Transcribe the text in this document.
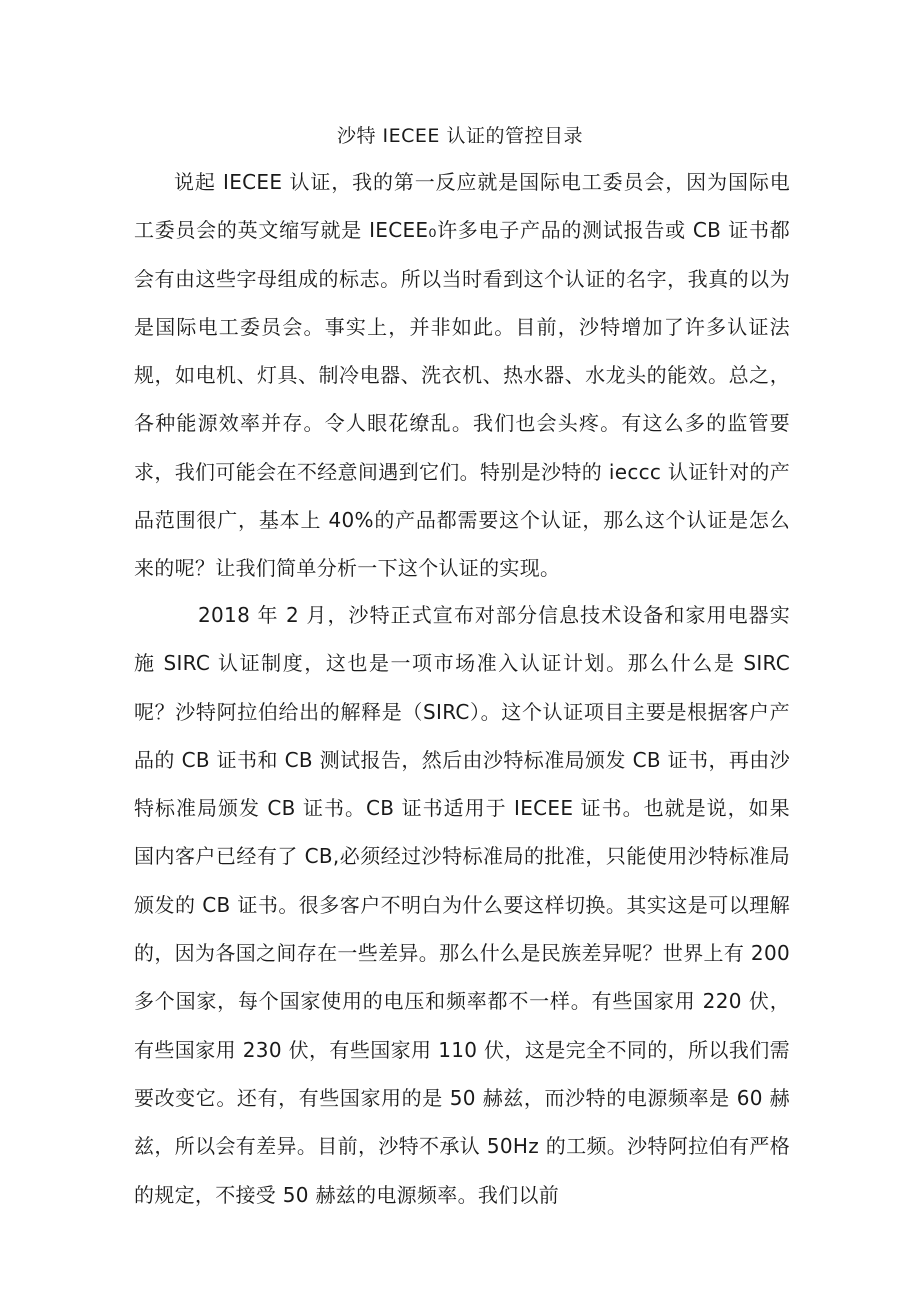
沙特 IECEE 认证的管控目录

说起 IECEE 认证，我的第一反应就是国际电工委员会，因为国际电工委员会的英文缩写就是 IECEE₀许多电子产品的测试报告或 CB 证书都会有由这些字母组成的标志。所以当时看到这个认证的名字，我真的以为是国际电工委员会。事实上，并非如此。目前，沙特增加了许多认证法规，如电机、灯具、制冷电器、洗衣机、热水器、水龙头的能效。总之，各种能源效率并存。令人眼花缭乱。我们也会头疼。有这么多的监管要求，我们可能会在不经意间遇到它们。特别是沙特的 ieccc 认证针对的产品范围很广，基本上 40%的产品都需要这个认证，那么这个认证是怎么来的呢？让我们简单分析一下这个认证的实现。

2018 年 2 月，沙特正式宣布对部分信息技术设备和家用电器实施 SIRC 认证制度，这也是一项市场准入认证计划。那么什么是 SIRC 呢？沙特阿拉伯给出的解释是（SIRC）。这个认证项目主要是根据客户产品的 CB 证书和 CB 测试报告，然后由沙特标准局颁发 CB 证书，再由沙特标准局颁发 CB 证书。CB 证书适用于 IECEE 证书。也就是说，如果国内客户已经有了 CB,必须经过沙特标准局的批准，只能使用沙特标准局颁发的 CB 证书。很多客户不明白为什么要这样切换。其实这是可以理解的，因为各国之间存在一些差异。那么什么是民族差异呢？世界上有 200 多个国家，每个国家使用的电压和频率都不一样。有些国家用 220 伏，有些国家用 230 伏，有些国家用 110 伏，这是完全不同的，所以我们需要改变它。还有，有些国家用的是 50 赫兹，而沙特的电源频率是 60 赫兹，所以会有差异。目前，沙特不承认 50Hz 的工频。沙特阿拉伯有严格的规定，不接受 50 赫兹的电源频率。我们以前
